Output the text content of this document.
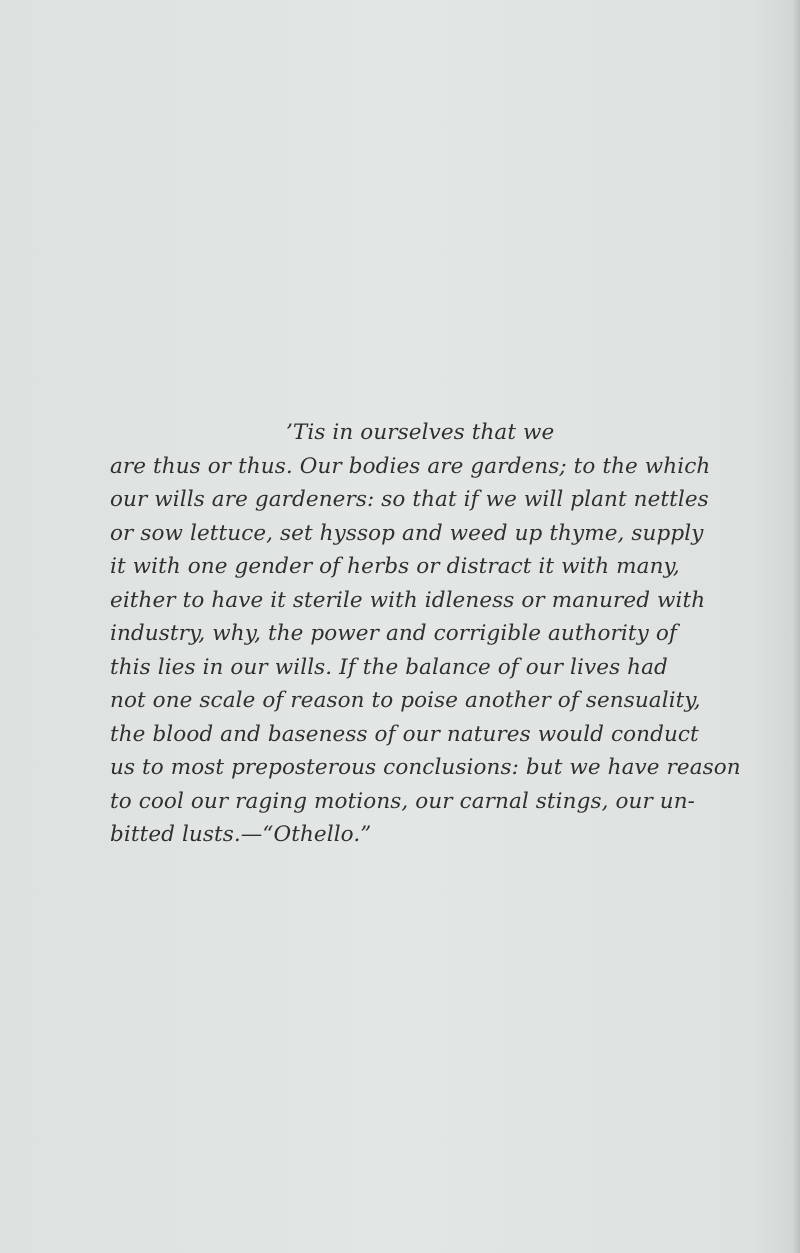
’Tis in ourselves that we
are thus or thus. Our bodies are gardens; to the which
our wills are gardeners: so that if we will plant nettles
or sow lettuce, set hyssop and weed up thyme, supply
it with one gender of herbs or distract it with many,
either to have it sterile with idleness or manured with
industry, why, the power and corrigible authority of
this lies in our wills. If the balance of our lives had
not one scale of reason to poise another of sensuality,
the blood and baseness of our natures would conduct
us to most preposterous conclusions: but we have reason
to cool our raging motions, our carnal stings, our un-
bitted lusts.—“Othello.”
